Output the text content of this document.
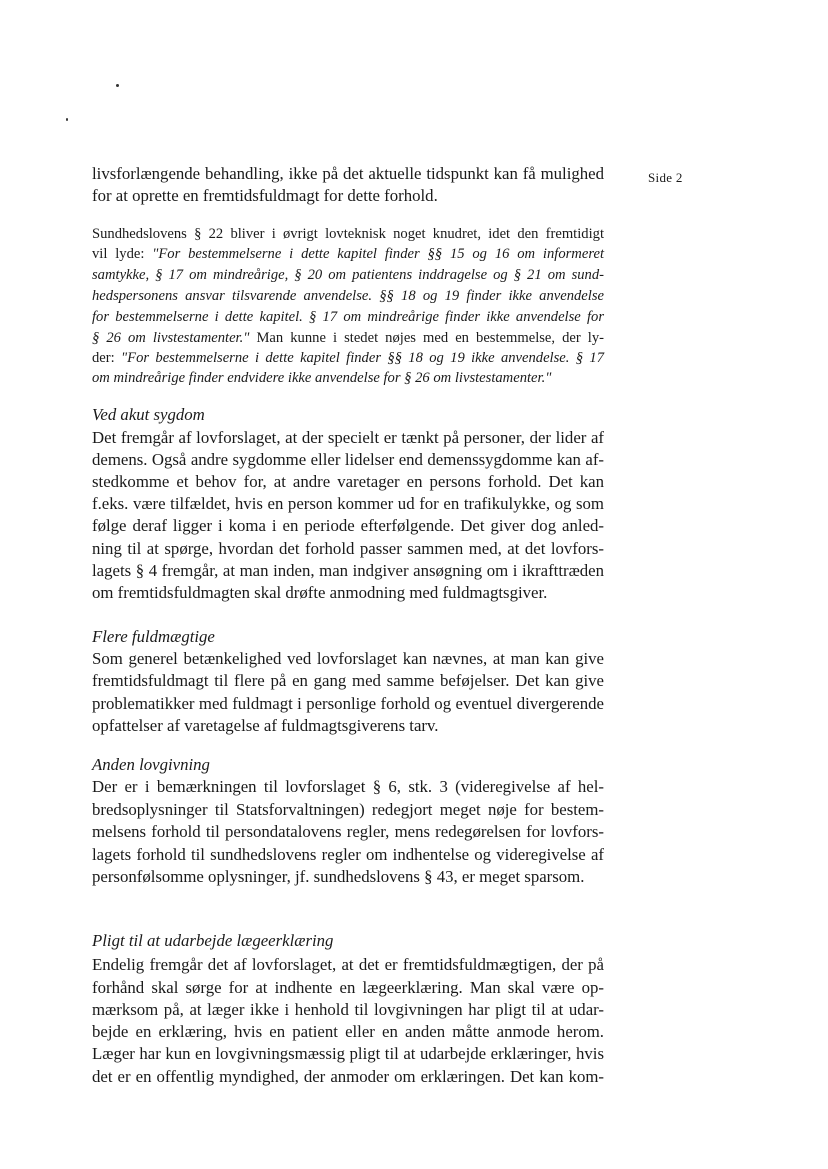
Side 2
livsforlængende behandling, ikke på det aktuelle tidspunkt kan få mulighed
for at oprette en fremtidsfuldmagt for dette forhold.
Sundhedslovens § 22 bliver i øvrigt lovteknisk noget knudret, idet den fremtidigt
vil lyde: "For bestemmelserne i dette kapitel finder §§ 15 og 16 om informeret
samtykke, § 17 om mindreårige, § 20 om patientens inddragelse og § 21 om sund-
hedspersonens ansvar tilsvarende anvendelse. §§ 18 og 19 finder ikke anvendelse
for bestemmelserne i dette kapitel. § 17 om mindreårige finder ikke anvendelse for
§ 26 om livstestamenter." Man kunne i stedet nøjes med en bestemmelse, der ly-
der: "For bestemmelserne i dette kapitel finder §§ 18 og 19 ikke anvendelse. § 17
om mindreårige finder endvidere ikke anvendelse for § 26 om livstestamenter."
Ved akut sygdom
Det fremgår af lovforslaget, at der specielt er tænkt på personer, der lider af
demens. Også andre sygdomme eller lidelser end demenssygdomme kan af-
stedkomme et behov for, at andre varetager en persons forhold. Det kan
f.eks. være tilfældet, hvis en person kommer ud for en trafikulykke, og som
følge deraf ligger i koma i en periode efterfølgende. Det giver dog anled-
ning til at spørge, hvordan det forhold passer sammen med, at det lovfors-
lagets § 4 fremgår, at man inden, man indgiver ansøgning om i ikrafttræden
om fremtidsfuldmagten skal drøfte anmodning med fuldmagtsgiver.
Flere fuldmægtige
Som generel betænkelighed ved lovforslaget kan nævnes, at man kan give
fremtidsfuldmagt til flere på en gang med samme beføjelser. Det kan give
problematikker med fuldmagt i personlige forhold og eventuel divergerende
opfattelser af varetagelse af fuldmagtsgiverens tarv.
Anden lovgivning
Der er i bemærkningen til lovforslaget § 6, stk. 3 (videregivelse af hel-
bredsoplysninger til Statsforvaltningen) redegjort meget nøje for bestem-
melsens forhold til persondatalovens regler, mens redegørelsen for lovfors-
lagets forhold til sundhedslovens regler om indhentelse og videregivelse af
personfølsomme oplysninger, jf. sundhedslovens § 43, er meget sparsom.
Pligt til at udarbejde lægeerklæring
Endelig fremgår det af lovforslaget, at det er fremtidsfuldmægtigen, der på
forhånd skal sørge for at indhente en lægeerklæring. Man skal være op-
mærksom på, at læger ikke i henhold til lovgivningen har pligt til at udar-
bejde en erklæring, hvis en patient eller en anden måtte anmode herom.
Læger har kun en lovgivningsmæssig pligt til at udarbejde erklæringer, hvis
det er en offentlig myndighed, der anmoder om erklæringen. Det kan kom-
